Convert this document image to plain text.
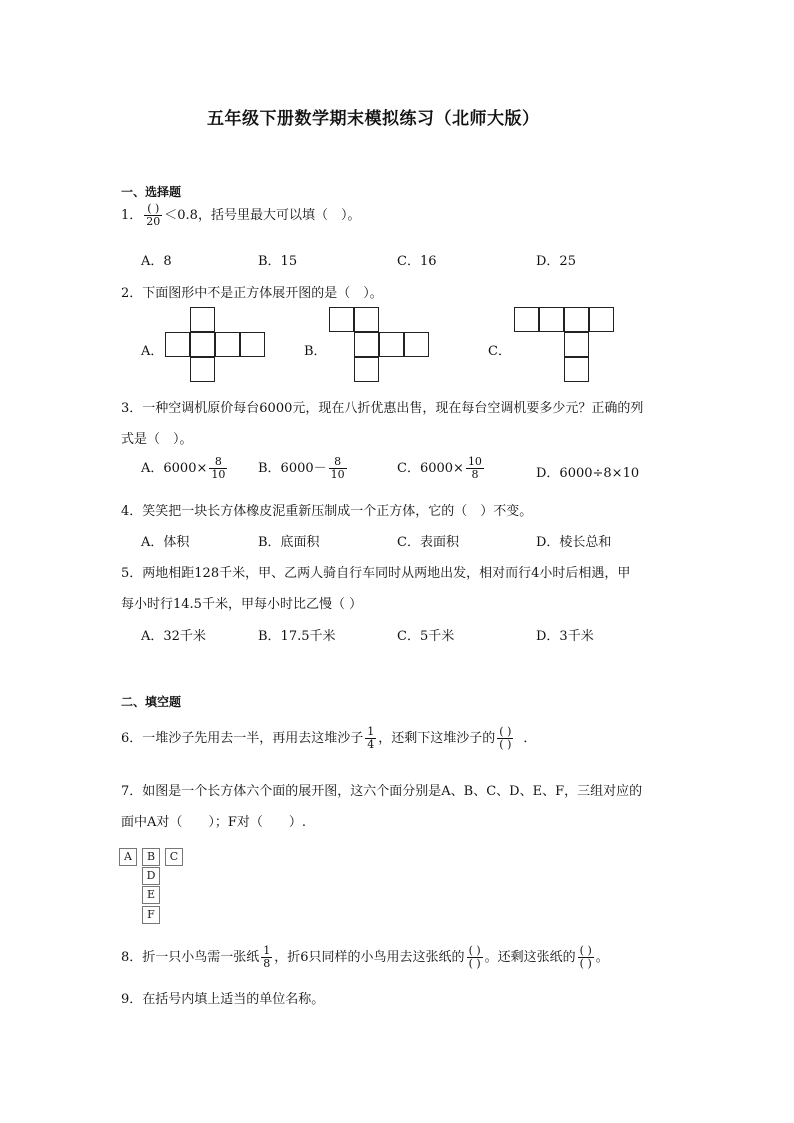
五年级下册数学期末模拟练习（北师大版）
一、选择题
1． $\frac{( )}{20} <0.8$，括号里最大可以填（　）。
A．8	B．15	C．16	D．25
2．下面图形中不是正方体展开图的是（　）。
A．	B．	C．
3．一种空调机原价每台6000元，现在八折优惠出售，现在每台空调机要多少元？正确的列
式是（　）。
A．$6000\times \frac{8}{10}$ B．$6000- \frac{8}{10}$	C．$6000\times \frac{10}{8}$	D．6000÷8×10
4．笑笑把一块长方体橡皮泥重新压制成一个正方体，它的（　）不变。
A．体积	B．底面积	C．表面积	D．棱长总和
5．两地相距128千米，甲、乙两人骑自行车同时从两地出发，相对而行4小时后相遇，甲
每小时行14.5千米，甲每小时比乙慢（ ）
A．32千米	B．17.5千米	C．5千米	D．3千米
二、填空题
6．一堆沙子先用去一半，再用去这堆沙子 $\frac{1}{4}$ ，还剩下这堆沙子的 $\frac{( )}{( )}$ ．
7．如图是一个长方体六个面的展开图，这六个面分别是A、B、C、D、E、F，三组对应的
面中A对（　　）；F对（　　）.
A	B	C
D
E
F
8．折一只小鸟需一张纸 $\frac{1}{8}$ ，折6只同样的小鸟用去这张纸的 $\frac{( )}{( )}$ 。还剩这张纸的 $\frac{( )}{( )}$ 。
9．在括号内填上适当的单位名称。
